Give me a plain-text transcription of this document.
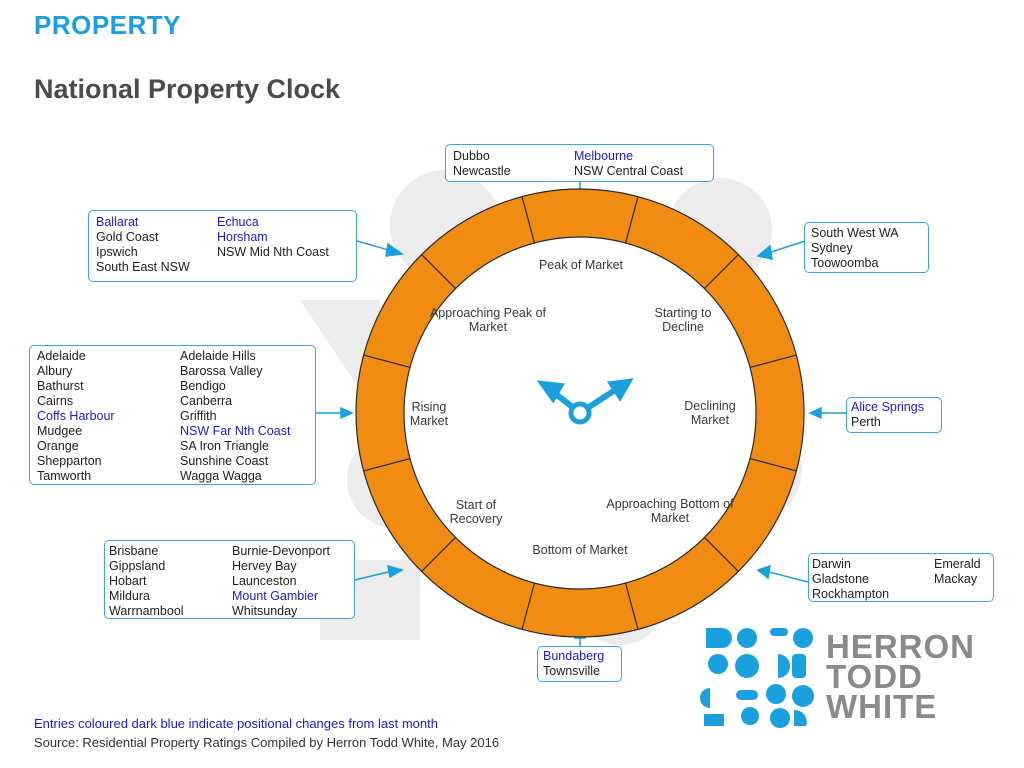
PROPERTY
National Property Clock
Peak of Market
Starting to Decline
Declining Market
Approaching Bottom of Market
Bottom of Market
Start of Recovery
Rising Market
Approaching Peak of Market
Dubbo
Newcastle
Melbourne
NSW Central Coast
Ballarat
Gold Coast
Ipswich
South East NSW
Echuca
Horsham
NSW Mid Nth Coast
South West WA
Sydney
Toowoomba
Adelaide
Albury
Bathurst
Cairns
Coffs Harbour
Mudgee
Orange
Shepparton
Tamworth
Adelaide Hills
Barossa Valley
Bendigo
Canberra
Griffith
NSW Far Nth Coast
SA Iron Triangle
Sunshine Coast
Wagga Wagga
Alice Springs
Perth
Brisbane
Gippsland
Hobart
Mildura
Warrnambool
Burnie-Devonport
Hervey Bay
Launceston
Mount Gambier
Whitsunday
Darwin
Gladstone
Rockhampton
Emerald
Mackay
Bundaberg
Townsville
Entries coloured dark blue indicate positional changes from last month
Source: Residential Property Ratings Compiled by Herron Todd White, May 2016
HERRON
TODD
WHITE
